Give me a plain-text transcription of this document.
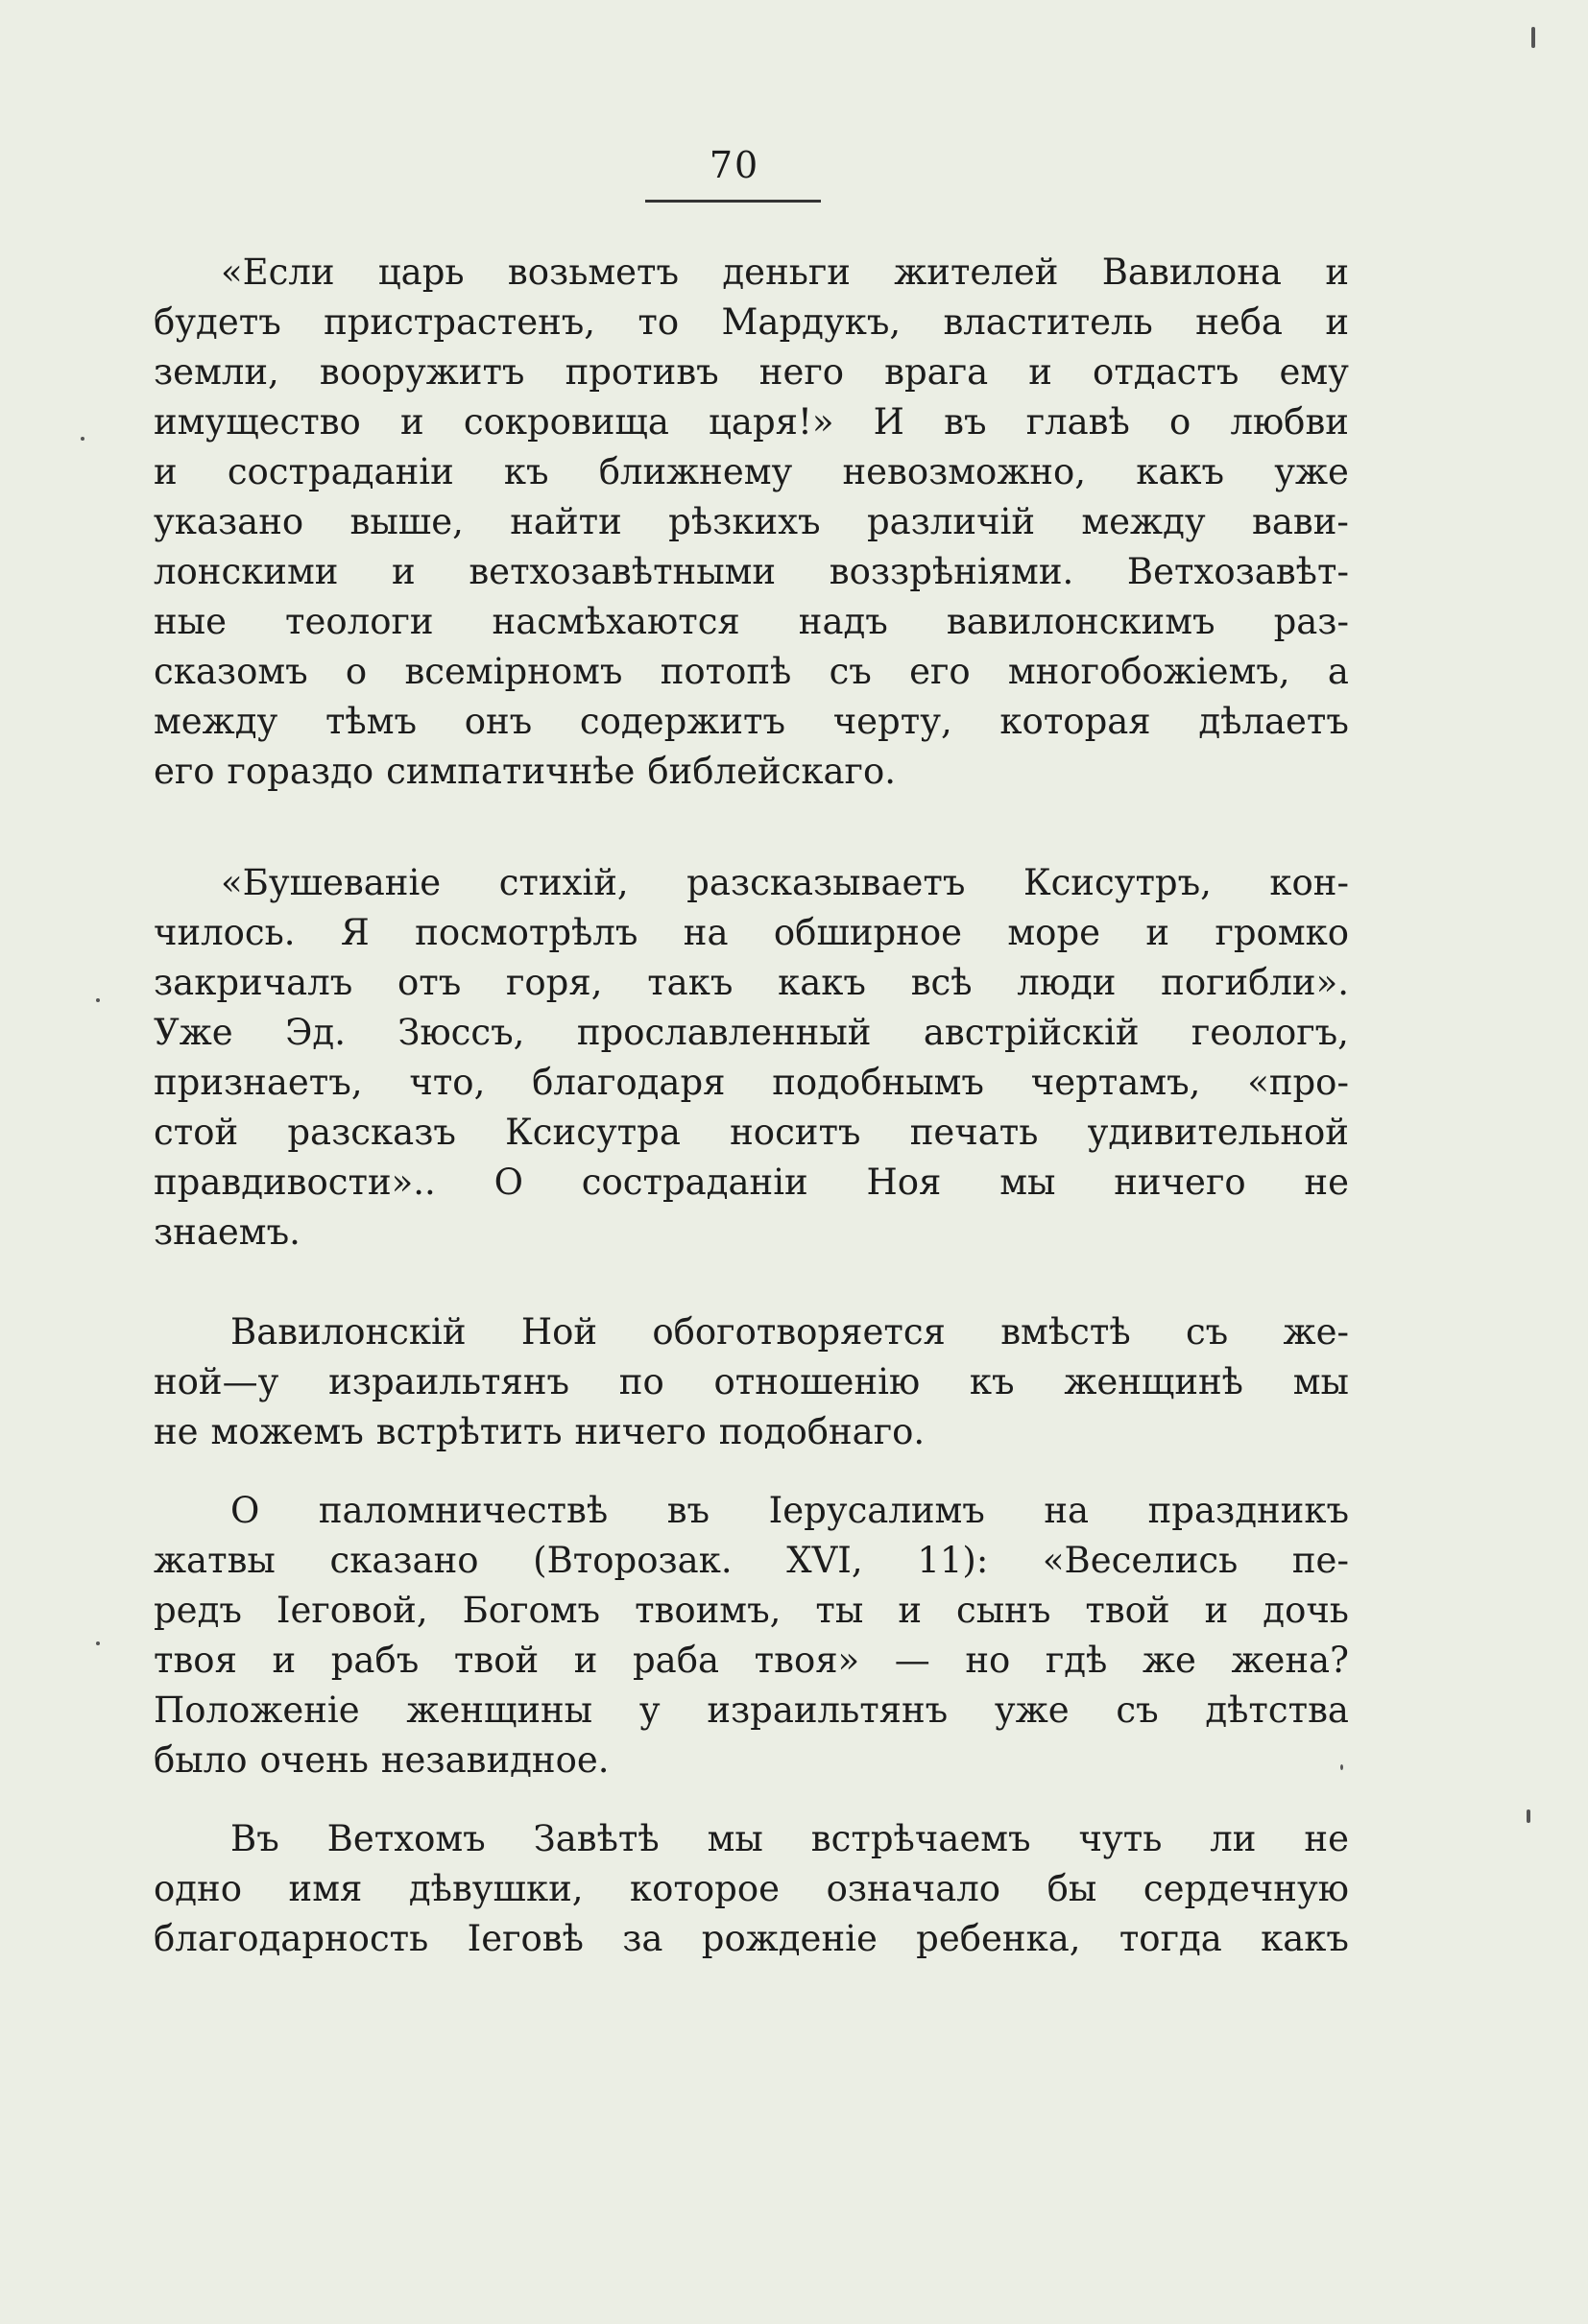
70
«Если царь возьметъ деньги жителей Вавилона и
будетъ пристрастенъ, то Мардукъ, властитель неба и
земли, вооружитъ противъ него врага и отдастъ ему
имущество и сокровища царя!» И въ главѣ о любви
и состраданіи къ ближнему невозможно, какъ уже
указано выше, найти рѣзкихъ различій между вави-
лонскими и ветхозавѣтными воззрѣніями. Ветхозавѣт-
ные теологи насмѣхаются надъ вавилонскимъ раз-
сказомъ о всемірномъ потопѣ съ его многобожіемъ, а
между тѣмъ онъ содержитъ черту, которая дѣлаетъ
его гораздо симпатичнѣе библейскаго.
«Бушеваніе стихій, разсказываетъ Ксисутръ, кон-
чилось. Я посмотрѣлъ на обширное море и громко
закричалъ отъ горя, такъ какъ всѣ люди погибли».
Уже Эд. Зюссъ, прославленный австрійскій геологъ,
признаетъ, что, благодаря подобнымъ чертамъ, «про-
стой разсказъ Ксисутра носитъ печать удивительной
правдивости».. О состраданіи Ноя мы ничего не
знаемъ.
Вавилонскій Ной обоготворяется вмѣстѣ съ же-
ной—у израильтянъ по отношенію къ женщинѣ мы
не можемъ встрѣтить ничего подобнаго.
О паломничествѣ въ Іерусалимъ на праздникъ
жатвы сказано (Второзак. XVI, 11): «Веселись пе-
редъ Іеговой, Богомъ твоимъ, ты и сынъ твой и дочь
твоя и рабъ твой и раба твоя» — но гдѣ же жена?
Положеніе женщины у израильтянъ уже съ дѣтства
было очень незавидное.
Въ Ветхомъ Завѣтѣ мы встрѣчаемъ чуть ли не
одно имя дѣвушки, которое означало бы сердечную
благодарность Іеговѣ за рожденіе ребенка, тогда какъ
